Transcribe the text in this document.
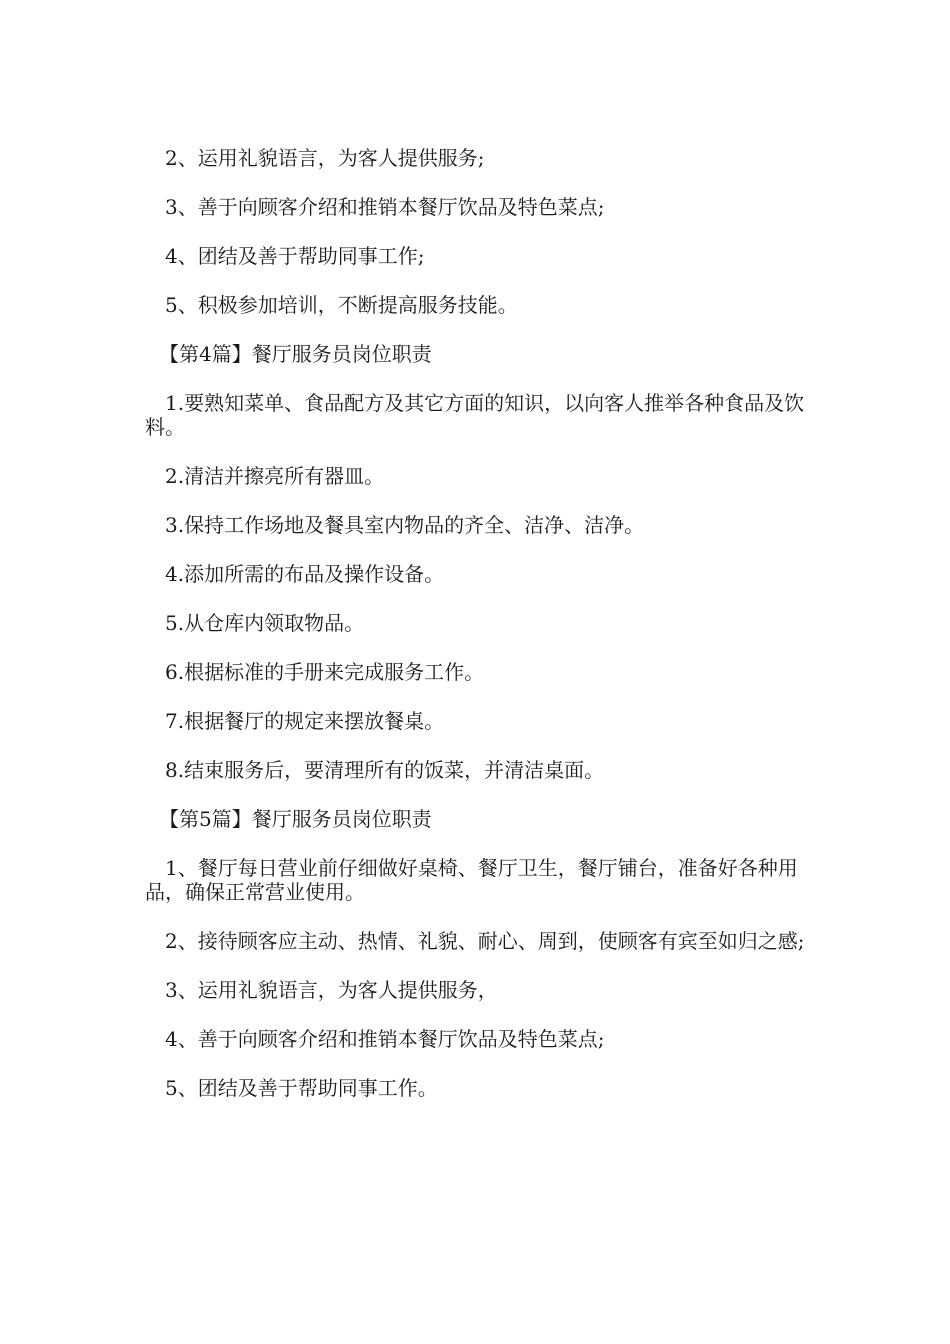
2、运用礼貌语言，为客人提供服务;

3、善于向顾客介绍和推销本餐厅饮品及特色菜点;

4、团结及善于帮助同事工作;

5、积极参加培训，不断提高服务技能。

【第4篇】餐厅服务员岗位职责

1.要熟知菜单、食品配方及其它方面的知识，以向客人推举各种食品及饮料。

2.清洁并擦亮所有器皿。

3.保持工作场地及餐具室内物品的齐全、洁净、洁净。

4.添加所需的布品及操作设备。

5.从仓库内领取物品。

6.根据标准的手册来完成服务工作。

7.根据餐厅的规定来摆放餐桌。

8.结束服务后，要清理所有的饭菜，并清洁桌面。

【第5篇】餐厅服务员岗位职责

1、餐厅每日营业前仔细做好桌椅、餐厅卫生，餐厅铺台，准备好各种用品，确保正常营业使用。

2、接待顾客应主动、热情、礼貌、耐心、周到，使顾客有宾至如归之感;

3、运用礼貌语言，为客人提供服务，

4、善于向顾客介绍和推销本餐厅饮品及特色菜点;

5、团结及善于帮助同事工作。
